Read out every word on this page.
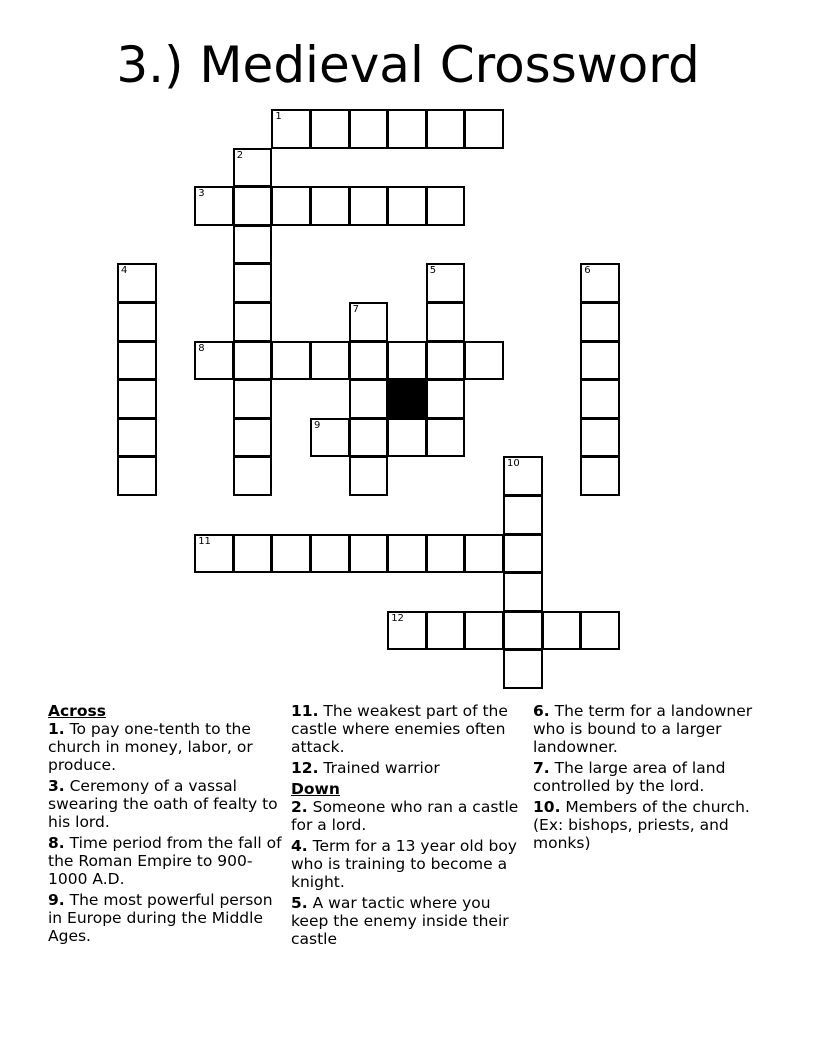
3.) Medieval Crossword
1
2
3
4	5	6
7
8
9
10
11
12

Across

1. To pay one-tenth to the church in money, labor, or produce.

3. Ceremony of a vassal swearing the oath of fealty to his lord.

8. Time period from the fall of the Roman Empire to 900-1000 A.D.

9. The most powerful person in Europe during the Middle Ages.

11. The weakest part of the castle where enemies often attack.

12. Trained warrior

Down

2. Someone who ran a castle for a lord.

4. Term for a 13 year old boy who is training to become a knight.

5. A war tactic where you keep the enemy inside their castle

6. The term for a landowner who is bound to a larger landowner.

7. The large area of land controlled by the lord.

10. Members of the church. (Ex: bishops, priests, and monks)
